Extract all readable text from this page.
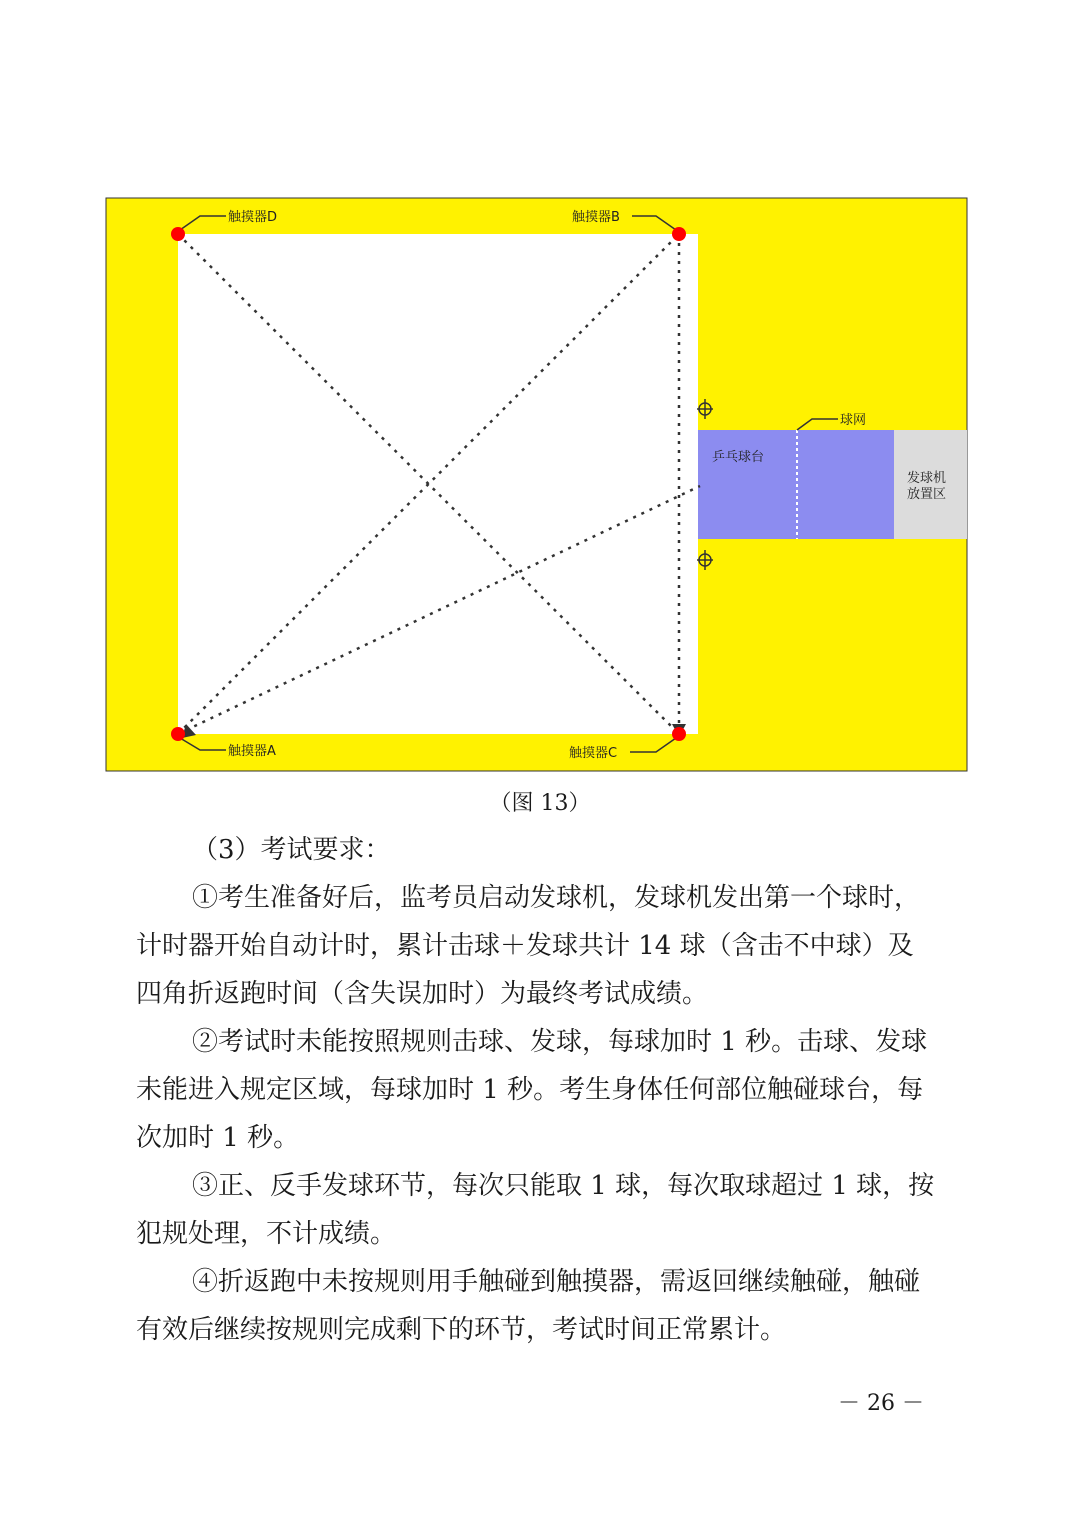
触摸器D	触摸器B
触摸器A	触摸器C
球网
乒乓球台
发球机
放置区
（图 13）

（3）考试要求：

①考生准备好后，监考员启动发球机，发球机发出第一个球时，计时器开始自动计时，累计击球＋发球共计 14 球（含击不中球）及四角折返跑时间（含失误加时）为最终考试成绩。

②考试时未能按照规则击球、发球，每球加时 1 秒。击球、发球未能进入规定区域，每球加时 1 秒。考生身体任何部位触碰球台，每次加时 1 秒。

③正、反手发球环节，每次只能取 1 球，每次取球超过 1 球，按犯规处理，不计成绩。

④折返跑中未按规则用手触碰到触摸器，需返回继续触碰，触碰有效后继续按规则完成剩下的环节，考试时间正常累计。

－ 26 －
